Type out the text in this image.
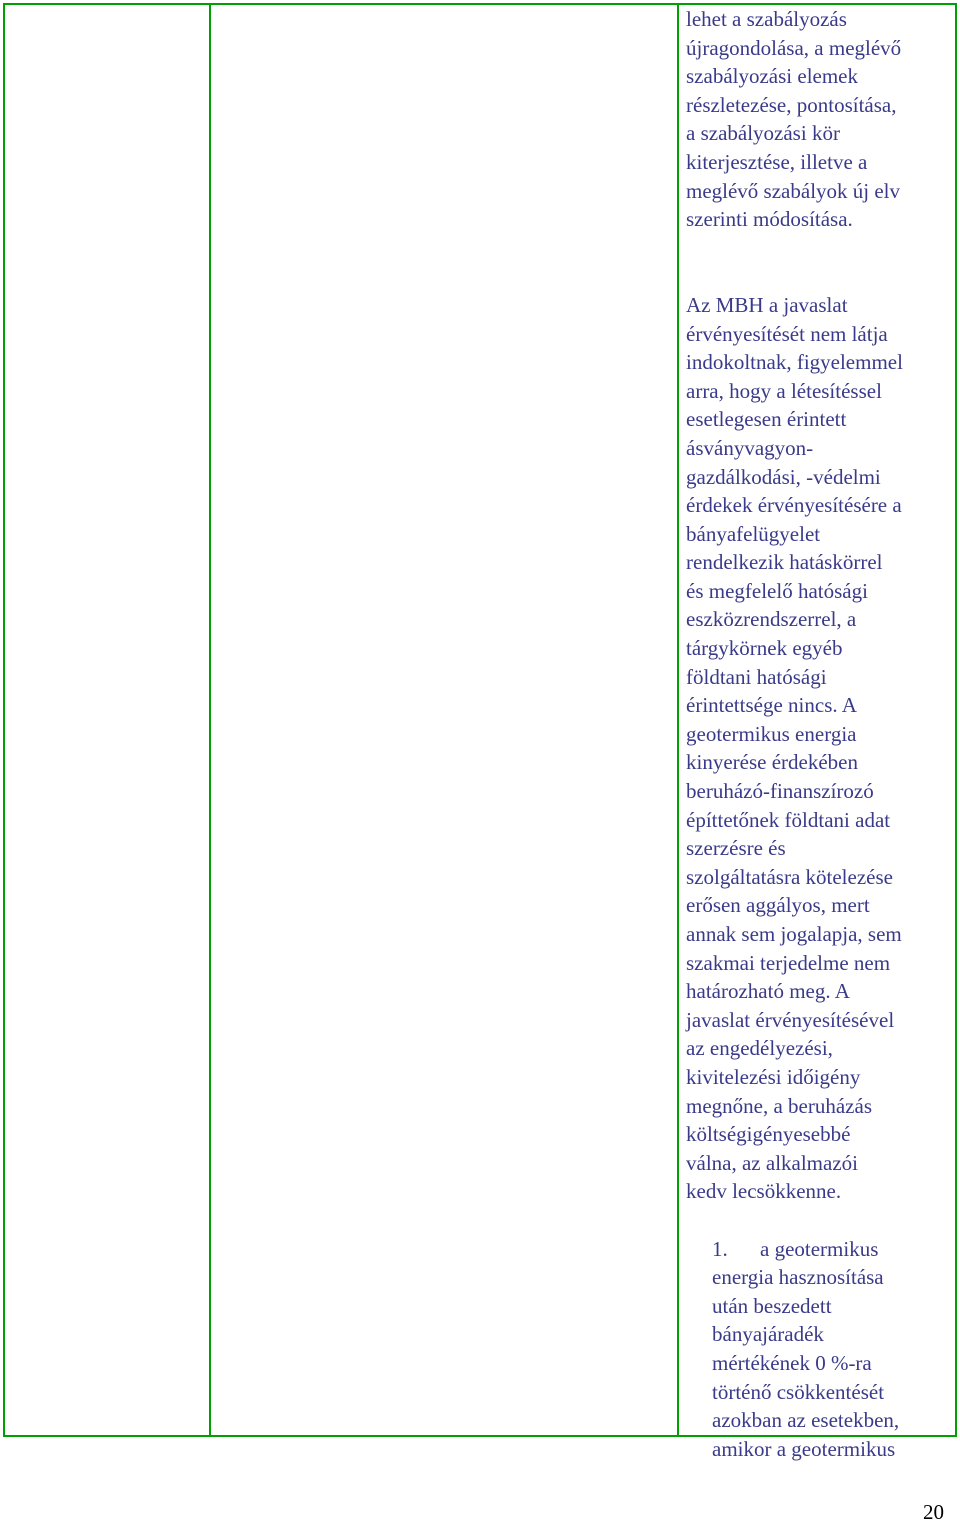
lehet a szabályozás
újragondolása, a meglévő
szabályozási elemek
részletezése, pontosítása,
a szabályozási kör
kiterjesztése, illetve a
meglévő szabályok új elv
szerinti módosítása.

Az MBH a javaslat
érvényesítését nem látja
indokoltnak, figyelemmel
arra, hogy a létesítéssel
esetlegesen érintett
ásványvagyon-
gazdálkodási, -védelmi
érdekek érvényesítésére a
bányafelügyelet
rendelkezik hatáskörrel
és megfelelő hatósági
eszközrendszerrel, a
tárgykörnek egyéb
földtani hatósági
érintettsége nincs. A
geotermikus energia
kinyerése érdekében
beruházó-finanszírozó
építtetőnek földtani adat
szerzésre és
szolgáltatásra kötelezése
erősen aggályos, mert
annak sem jogalapja, sem
szakmai terjedelme nem
határozható meg. A
javaslat érvényesítésével
az engedélyezési,
kivitelezési időigény
megnőne, a beruházás
költségigényesebbé
válna, az alkalmazói
kedv lecsökkenne.

1.	a geotermikus
energia hasznosítása
után beszedett
bányajáradék
mértékének 0 %-ra
történő csökkentését
azokban az esetekben,
amikor a geotermikus
20
